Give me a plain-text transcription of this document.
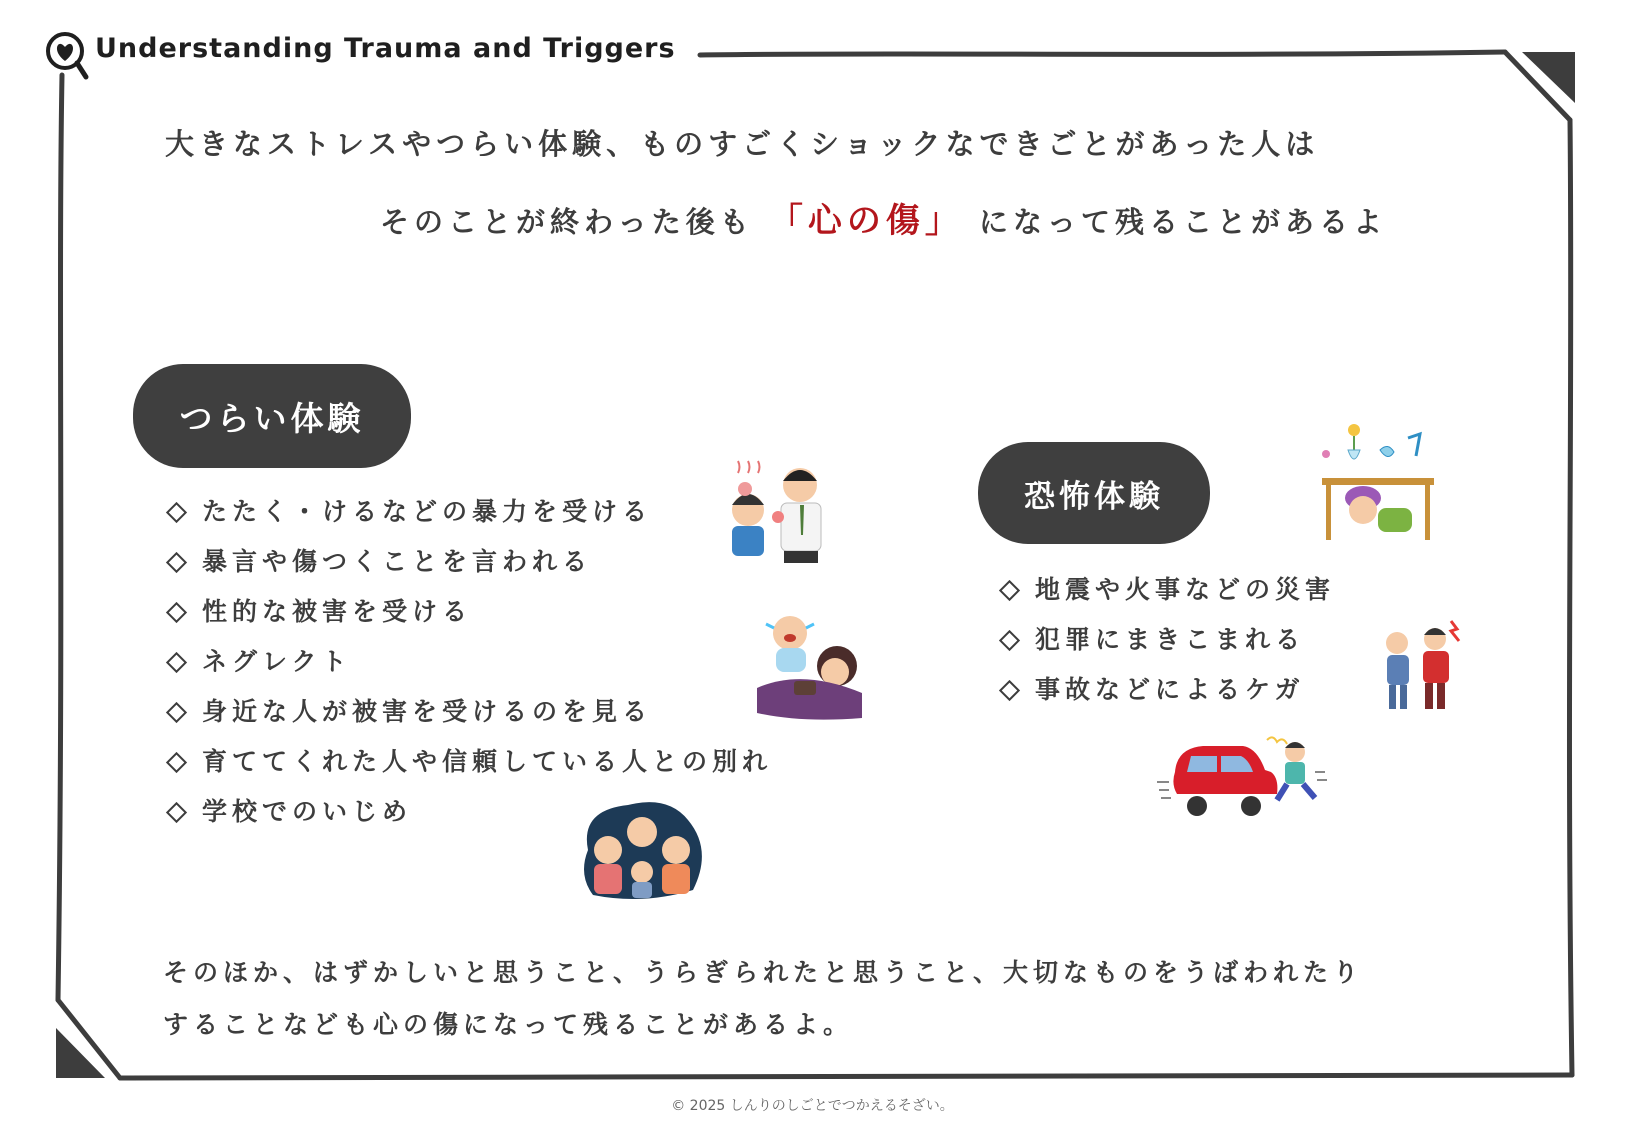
Understanding Trauma and Triggers
大きなストレスやつらい体験、ものすごくショックなできごとがあった人は
そのことが終わった後も 「心の傷」 になって残ることがあるよ
つらい体験
たたく・けるなどの暴力を受ける
暴言や傷つくことを言われる
性的な被害を受ける
ネグレクト
身近な人が被害を受けるのを見る
育ててくれた人や信頼している人との別れ
学校でのいじめ
恐怖体験
地震や火事などの災害
犯罪にまきこまれる
事故などによるケガ
そのほか、はずかしいと思うこと、うらぎられたと思うこと、大切なものをうばわれたり
することなども心の傷になって残ることがあるよ。
© 2025 しんりのしごとでつかえるそざい。
